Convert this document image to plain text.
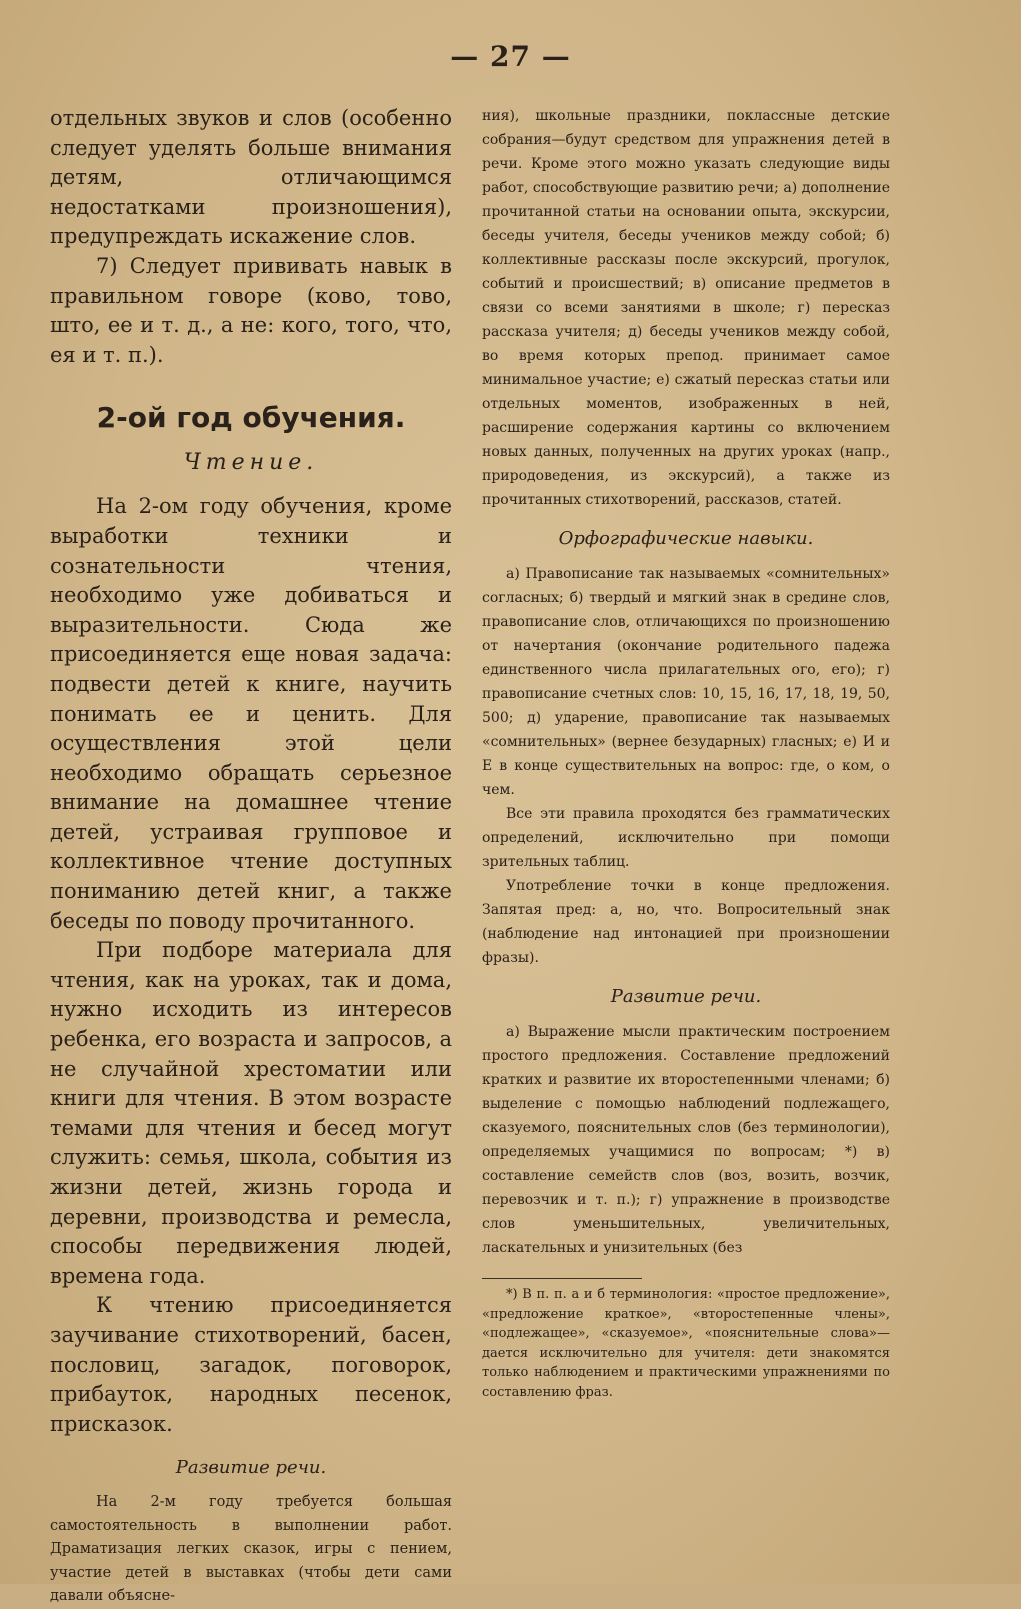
— 27 —

отдельных звуков и слов (особенно следует уделять больше внимания детям, отличающимся недостатками произношения), предупреждать искажение слов.

7) Следует прививать навык в правильном говоре (ково, тово, што, ее и т. д., а не: кого, того, что, ея и т. п.).

2-ой год обучения.
Чтение.

На 2-ом году обучения, кроме выработки техники и сознательности чтения, необходимо уже добиваться и выразительности. Сюда же присоединяется еще новая задача: подвести детей к книге, научить понимать ее и ценить. Для осуществления этой цели необходимо обращать серьезное внимание на домашнее чтение детей, устраивая групповое и коллективное чтение доступных пониманию детей книг, а также беседы по поводу прочитанного.

При подборе материала для чтения, как на уроках, так и дома, нужно исходить из интересов ребенка, его возраста и запросов, а не случайной хрестоматии или книги для чтения. В этом возрасте темами для чтения и бесед могут служить: семья, школа, события из жизни детей, жизнь города и деревни, производства и ремесла, способы передвижения людей, времена года.

К чтению присоединяется заучивание стихотворений, басен, пословиц, загадок, поговорок, прибауток, народных песенок, присказок.

Развитие речи.

На 2-м году требуется большая самостоятельность в выполнении работ. Драматизация легких сказок, игры с пением, участие детей в выставках (чтобы дети сами давали объясне-

ния), школьные праздники, поклассные детские собрания—будут средством для упражнения детей в речи. Кроме этого можно указать следующие виды работ, способствующие развитию речи; а) дополнение прочитанной статьи на основании опыта, экскурсии, беседы учителя, беседы учеников между собой; б) коллективные рассказы после экскурсий, прогулок, событий и происшествий; в) описание предметов в связи со всеми занятиями в школе; г) пересказ рассказа учителя; д) беседы учеников между собой, во время которых препод. принимает самое минимальное участие; е) сжатый пересказ статьи или отдельных моментов, изображенных в ней, расширение содержания картины со включением новых данных, полученных на других уроках (напр., природоведения, из экскурсий), а также из прочитанных стихотворений, рассказов, статей.

Орфографические навыки.

а) Правописание так называемых «сомнительных» согласных; б) твердый и мягкий знак в средине слов, правописание слов, отличающихся по произношению от начертания (окончание родительного падежа единственного числа прилагательных ого, его); г) правописание счетных слов: 10, 15, 16, 17, 18, 19, 50, 500; д) ударение, правописание так называемых «сомнительных» (вернее безударных) гласных; е) И и Е в конце существительных на вопрос: где, о ком, о чем.

Все эти правила проходятся без грамматических определений, исключительно при помощи зрительных таблиц.

Употребление точки в конце предложения. Запятая пред: а, но, что. Вопросительный знак (наблюдение над интонацией при произношении фразы).

Развитие речи.

а) Выражение мысли практическим построением простого предложения. Составление предложений кратких и развитие их второстепенными членами; б) выделение с помощью наблюдений подлежащего, сказуемого, пояснительных слов (без терминологии), определяемых учащимися по вопросам; *) в) составление семейств слов (воз, возить, возчик, перевозчик и т. п.); г) упражнение в производстве слов уменьшительных, увеличительных, ласкательных и унизительных (без

*) В п. п. а и б терминология: «простое предложение», «предложение краткое», «второстепенные члены», «подлежащее», «сказуемое», «пояснительные слова»—дается исключительно для учителя: дети знакомятся только наблюдением и практическими упражнениями по составлению фраз.
